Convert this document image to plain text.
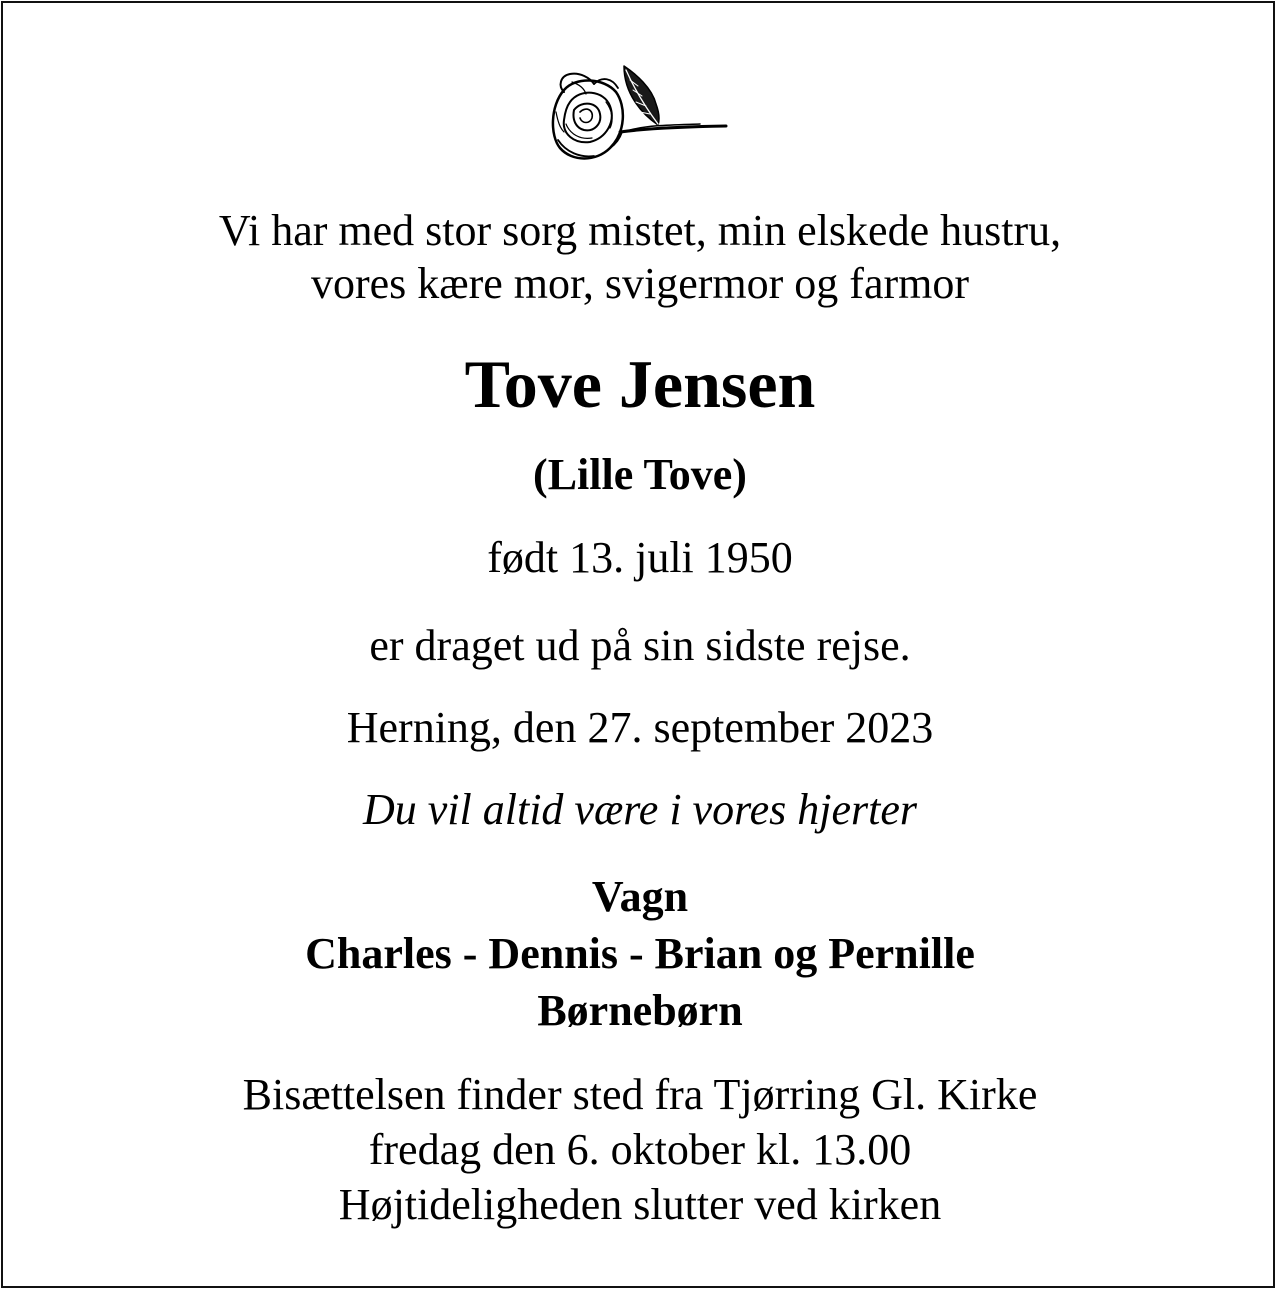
Vi har med stor sorg mistet, min elskede hustru,
vores kære mor, svigermor og farmor
Tove Jensen
(Lille Tove)
født 13. juli 1950
er draget ud på sin sidste rejse.
Herning, den 27. september 2023
Du vil altid være i vores hjerter
Vagn
Charles - Dennis - Brian og Pernille
Børnebørn
Bisættelsen finder sted fra Tjørring Gl. Kirke
fredag den 6. oktober kl. 13.00
Højtideligheden slutter ved kirken
